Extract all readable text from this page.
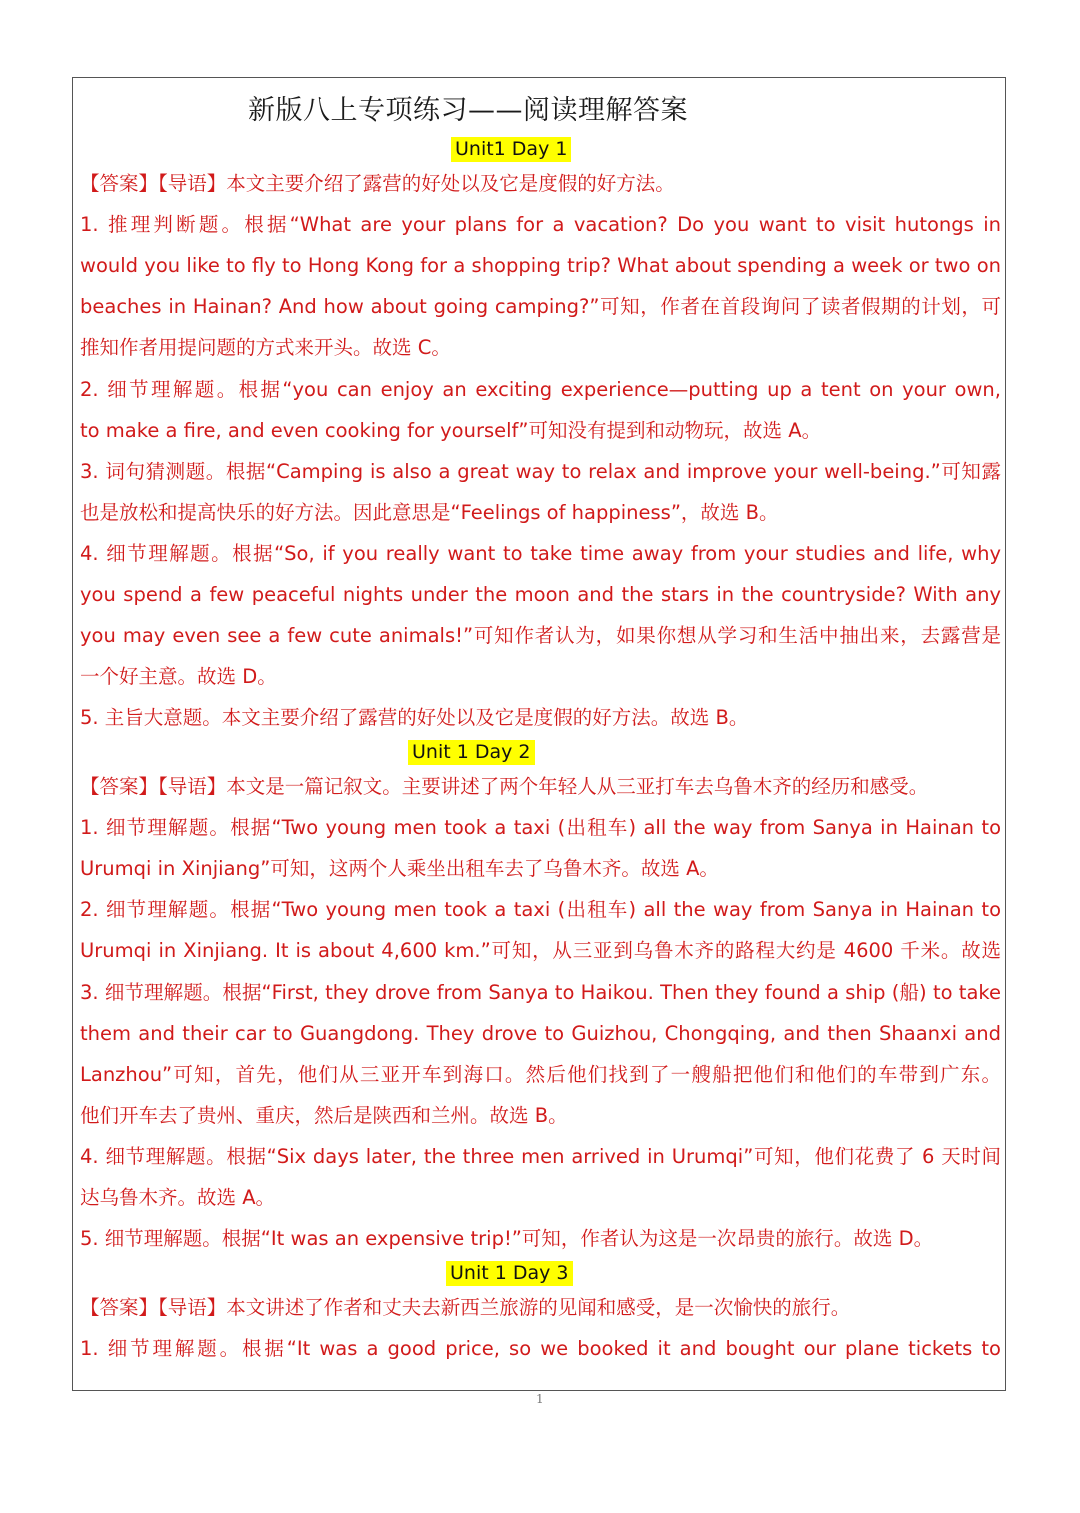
新版八上专项练习——阅读理解答案
Unit1 Day 1
【答案】【导语】本文主要介绍了露营的好处以及它是度假的好方法。
1. 推理判断题。根据“What are your plans for a vacation? Do you want to visit hutongs in
would you like to fly to Hong Kong for a shopping trip? What about spending a week or two on
beaches in Hainan? And how about going camping?”可知，作者在首段询问了读者假期的计划，可
推知作者用提问题的方式来开头。故选 C。
2. 细节理解题。根据“you can enjoy an exciting experience—putting up a tent on your own,
to make a fire, and even cooking for yourself”可知没有提到和动物玩，故选 A。
3. 词句猜测题。根据“Camping is also a great way to relax and improve your well-being.”可知露
也是放松和提高快乐的好方法。因此意思是“Feelings of happiness”，故选 B。
4. 细节理解题。根据“So, if you really want to take time away from your studies and life, why
you spend a few peaceful nights under the moon and the stars in the countryside? With any
you may even see a few cute animals!”可知作者认为，如果你想从学习和生活中抽出来，去露营是
一个好主意。故选 D。
5. 主旨大意题。本文主要介绍了露营的好处以及它是度假的好方法。故选 B。
Unit 1 Day 2
【答案】【导语】本文是一篇记叙文。主要讲述了两个年轻人从三亚打车去乌鲁木齐的经历和感受。
1. 细节理解题。根据“Two young men took a taxi (出租车) all the way from Sanya in Hainan to
Urumqi in Xinjiang”可知，这两个人乘坐出租车去了乌鲁木齐。故选 A。
2. 细节理解题。根据“Two young men took a taxi (出租车) all the way from Sanya in Hainan to
Urumqi in Xinjiang. It is about 4,600 km.”可知，从三亚到乌鲁木齐的路程大约是 4600 千米。故选
3. 细节理解题。根据“First, they drove from Sanya to Haikou. Then they found a ship (船) to take
them and their car to Guangdong. They drove to Guizhou, Chongqing, and then Shaanxi and
Lanzhou”可知，首先，他们从三亚开车到海口。然后他们找到了一艘船把他们和他们的车带到广东。
他们开车去了贵州、重庆，然后是陕西和兰州。故选 B。
4. 细节理解题。根据“Six days later, the three men arrived in Urumqi”可知，他们花费了 6 天时间
达乌鲁木齐。故选 A。
5. 细节理解题。根据“It was an expensive trip!”可知，作者认为这是一次昂贵的旅行。故选 D。
Unit 1 Day 3
【答案】【导语】本文讲述了作者和丈夫去新西兰旅游的见闻和感受，是一次愉快的旅行。
1. 细节理解题。根据“It was a good price, so we booked it and bought our plane tickets to
1
